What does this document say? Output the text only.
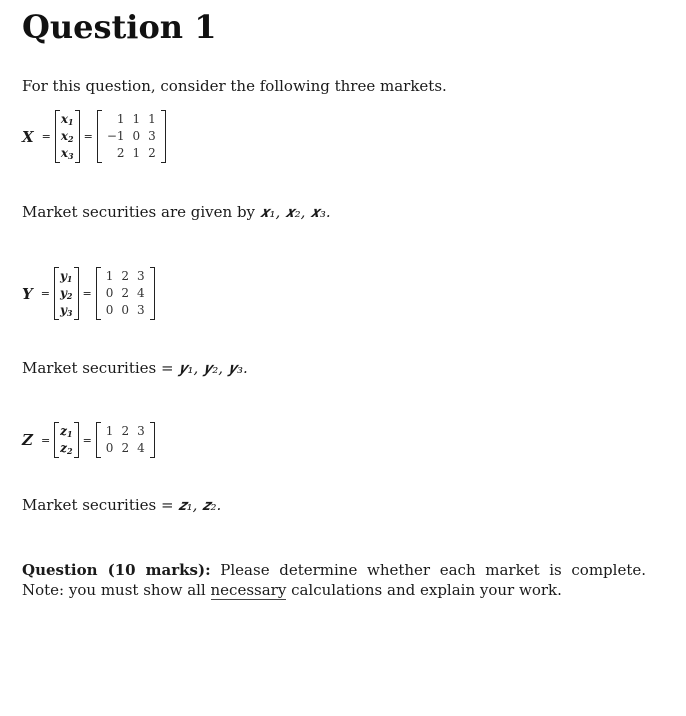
Question 1
For this question, consider the following three markets.
X =
$x_1$
$x_2$
$x_3$
=
1	1	1
−1	0	3
2	1	2
Market securities are given by 𝒙₁, 𝒙₂, 𝒙₃.
Y =
$y_1$
$y_2$
$y_3$
=
1	2	3
0	2	4
0	0	3
Market securities = 𝒚₁, 𝒚₂, 𝒚₃.
Z =
$z_1$
$z_2$
=
1	2	3
0	2	4
Market securities = 𝒛₁, 𝒛₂.
Question (10 marks): Please determine whether each market is complete. Note: you must show all necessary calculations and explain your work.
